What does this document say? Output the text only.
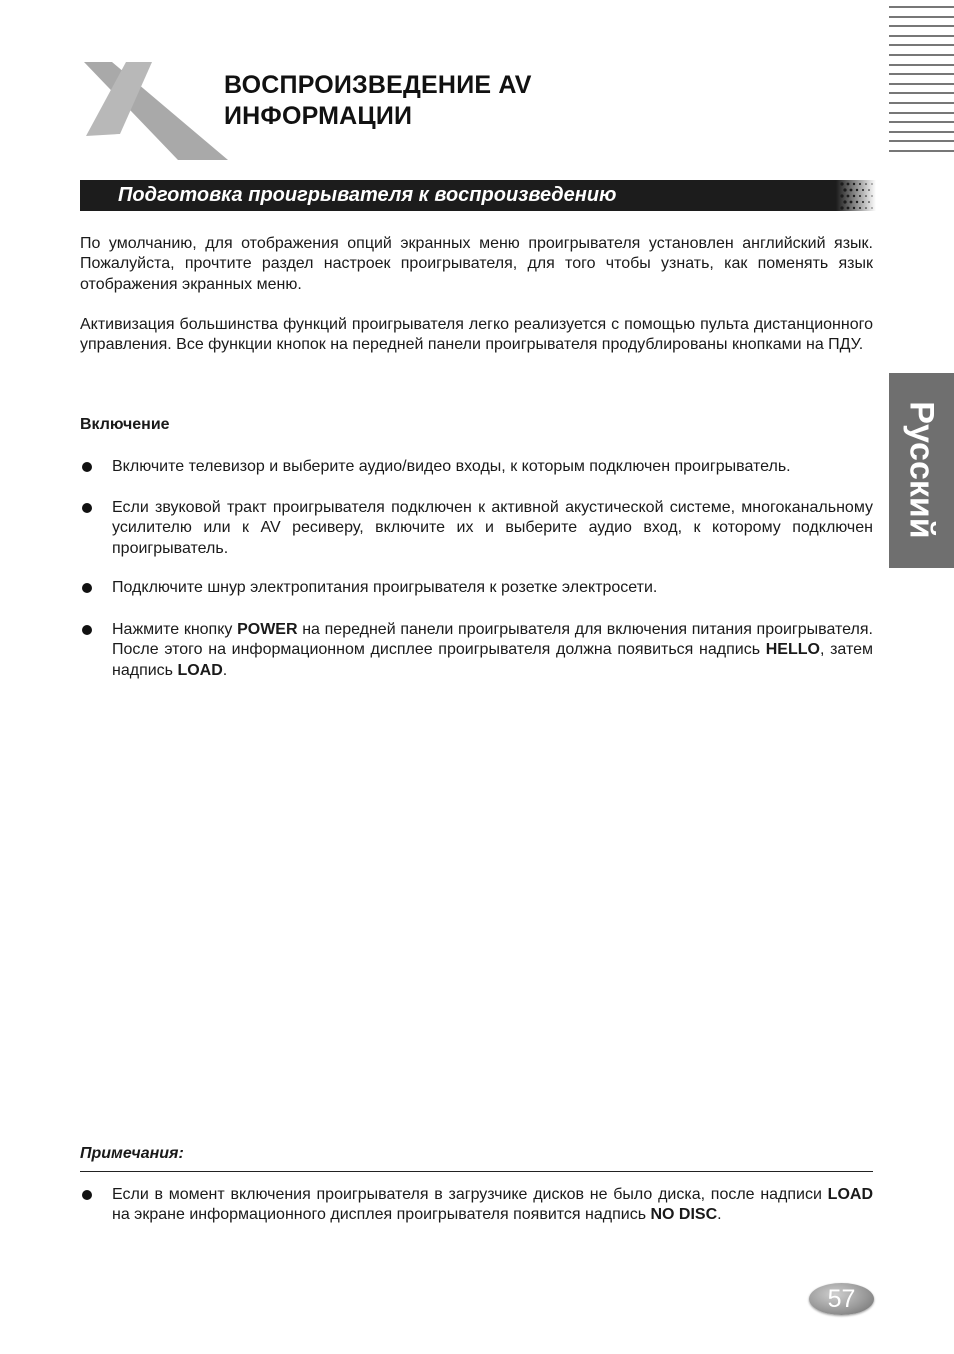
ВОСПРОИЗВЕДЕНИЕ AV
ИНФОРМАЦИИ
Подготовка проигрывателя к воспроизведению
По умолчанию, для отображения опций экранных меню проигрывателя установлен английский язык. Пожалуйста, прочтите раздел настроек проигрывателя, для того чтобы узнать, как поменять язык отображения экранных меню.
Активизация большинства функций проигрывателя легко реализуется с помощью пульта дистанционного управления. Все функции кнопок на передней панели проигрывателя продублированы кнопками на ПДУ.
Включение
Включите телевизор и выберите аудио/видео входы, к которым подключен проигрыватель.
Если звуковой тракт проигрывателя подключен к активной акустической системе, многоканальному усилителю или к AV ресиверу, включите их и выберите аудио вход, к которому подключен проигрыватель.
Подключите шнур электропитания проигрывателя к розетке электросети.
Нажмите кнопку POWER на передней панели проигрывателя для включения питания проигрывателя. После этого на информационном дисплее проигрывателя должна появиться надпись HELLO, затем надпись LOAD.
Русский
Примечания:
Если в момент включения проигрывателя в загрузчике дисков не было диска, после надписи LOAD на экране информационного дисплея проигрывателя появится надпись NO DISC.
57
